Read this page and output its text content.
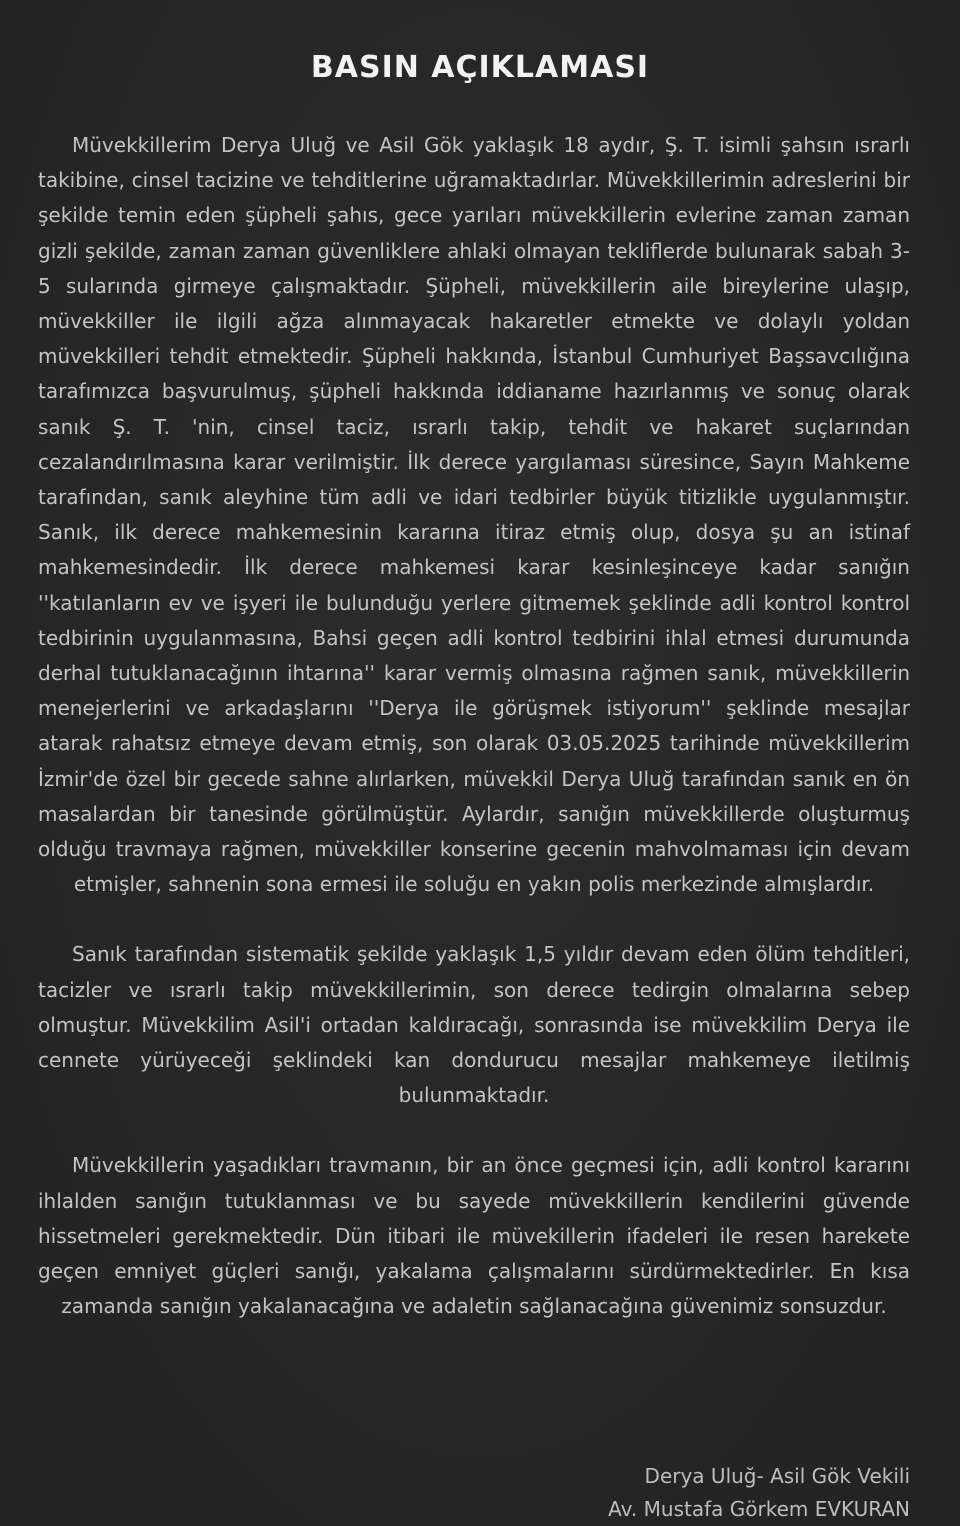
BASIN AÇIKLAMASI

Müvekkillerim Derya Uluğ ve Asil Gök yaklaşık 18 aydır, Ş. T. isimli şahsın ısrarlı takibine, cinsel tacizine ve tehditlerine uğramaktadırlar. Müvekkillerimin adreslerini bir şekilde temin eden şüpheli şahıs, gece yarıları müvekkillerin evlerine zaman zaman gizli şekilde, zaman zaman güvenliklere ahlaki olmayan tekliflerde bulunarak sabah 3-5 sularında girmeye çalışmaktadır. Şüpheli, müvekkillerin aile bireylerine ulaşıp, müvekkiller ile ilgili ağza alınmayacak hakaretler etmekte ve dolaylı yoldan müvekkilleri tehdit etmektedir. Şüpheli hakkında, İstanbul Cumhuriyet Başsavcılığına tarafımızca başvurulmuş, şüpheli hakkında iddianame hazırlanmış ve sonuç olarak sanık Ş. T. 'nin, cinsel taciz, ısrarlı takip, tehdit ve hakaret suçlarından cezalandırılmasına karar verilmiştir. İlk derece yargılaması süresince, Sayın Mahkeme tarafından, sanık aleyhine tüm adli ve idari tedbirler büyük titizlikle uygulanmıştır. Sanık, ilk derece mahkemesinin kararına itiraz etmiş olup, dosya şu an istinaf mahkemesindedir. İlk derece mahkemesi karar kesinleşinceye kadar sanığın ''katılanların ev ve işyeri ile bulunduğu yerlere gitmemek şeklinde adli kontrol kontrol tedbirinin uygulanmasına, Bahsi geçen adli kontrol tedbirini ihlal etmesi durumunda derhal tutuklanacağının ihtarına'' karar vermiş olmasına rağmen sanık, müvekkillerin menejerlerini ve arkadaşlarını ''Derya ile görüşmek istiyorum'' şeklinde mesajlar atarak rahatsız etmeye devam etmiş, son olarak 03.05.2025 tarihinde müvekkillerim İzmir'de özel bir gecede sahne alırlarken, müvekkil Derya Uluğ tarafından sanık en ön masalardan bir tanesinde görülmüştür. Aylardır, sanığın müvekkillerde oluşturmuş olduğu travmaya rağmen, müvekkiller konserine gecenin mahvolmaması için devam etmişler, sahnenin sona ermesi ile soluğu en yakın polis merkezinde almışlardır.

Sanık tarafından sistematik şekilde yaklaşık 1,5 yıldır devam eden ölüm tehditleri, tacizler ve ısrarlı takip müvekkillerimin, son derece tedirgin olmalarına sebep olmuştur. Müvekkilim Asil'i ortadan kaldıracağı, sonrasında ise müvekkilim Derya ile cennete yürüyeceği şeklindeki kan dondurucu mesajlar mahkemeye iletilmiş bulunmaktadır.

Müvekkillerin yaşadıkları travmanın, bir an önce geçmesi için, adli kontrol kararını ihlalden sanığın tutuklanması ve bu sayede müvekkillerin kendilerini güvende hissetmeleri gerekmektedir. Dün itibari ile müvekillerin ifadeleri ile resen harekete geçen emniyet güçleri sanığı, yakalama çalışmalarını sürdürmektedirler. En kısa zamanda sanığın yakalanacağına ve adaletin sağlanacağına güvenimiz sonsuzdur.

Derya Uluğ- Asil Gök Vekili
Av. Mustafa Görkem EVKURAN
